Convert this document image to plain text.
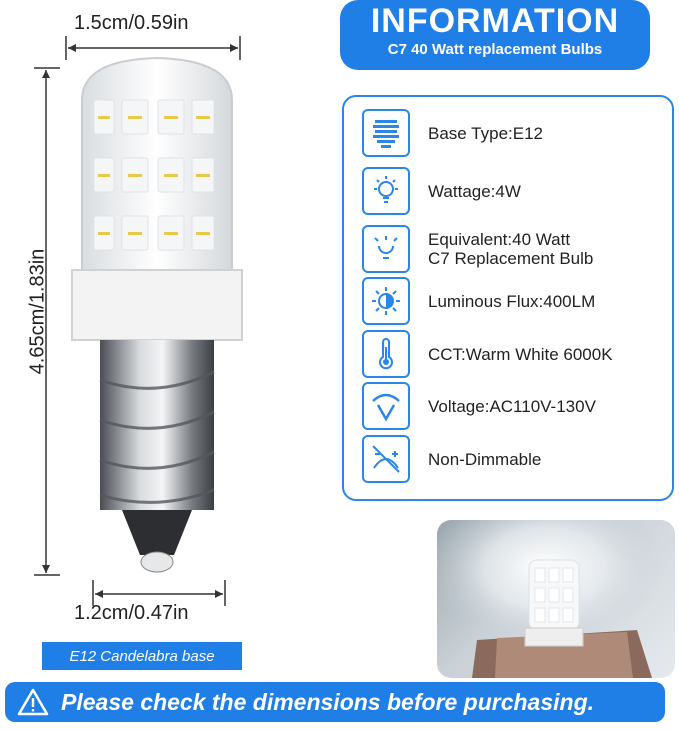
1.5cm/0.59in
4.65cm/1.83in
1.2cm/0.47in
INFORMATION
C7 40 Watt replacement Bulbs
Base Type:E12
Wattage:4W
Equivalent:40 Watt
C7 Replacement Bulb
Luminous Flux:400LM
CCT:Warm White 6000K
Voltage:AC110V-130V
Non-Dimmable
E12 Candelabra base
Please check the dimensions before purchasing.
